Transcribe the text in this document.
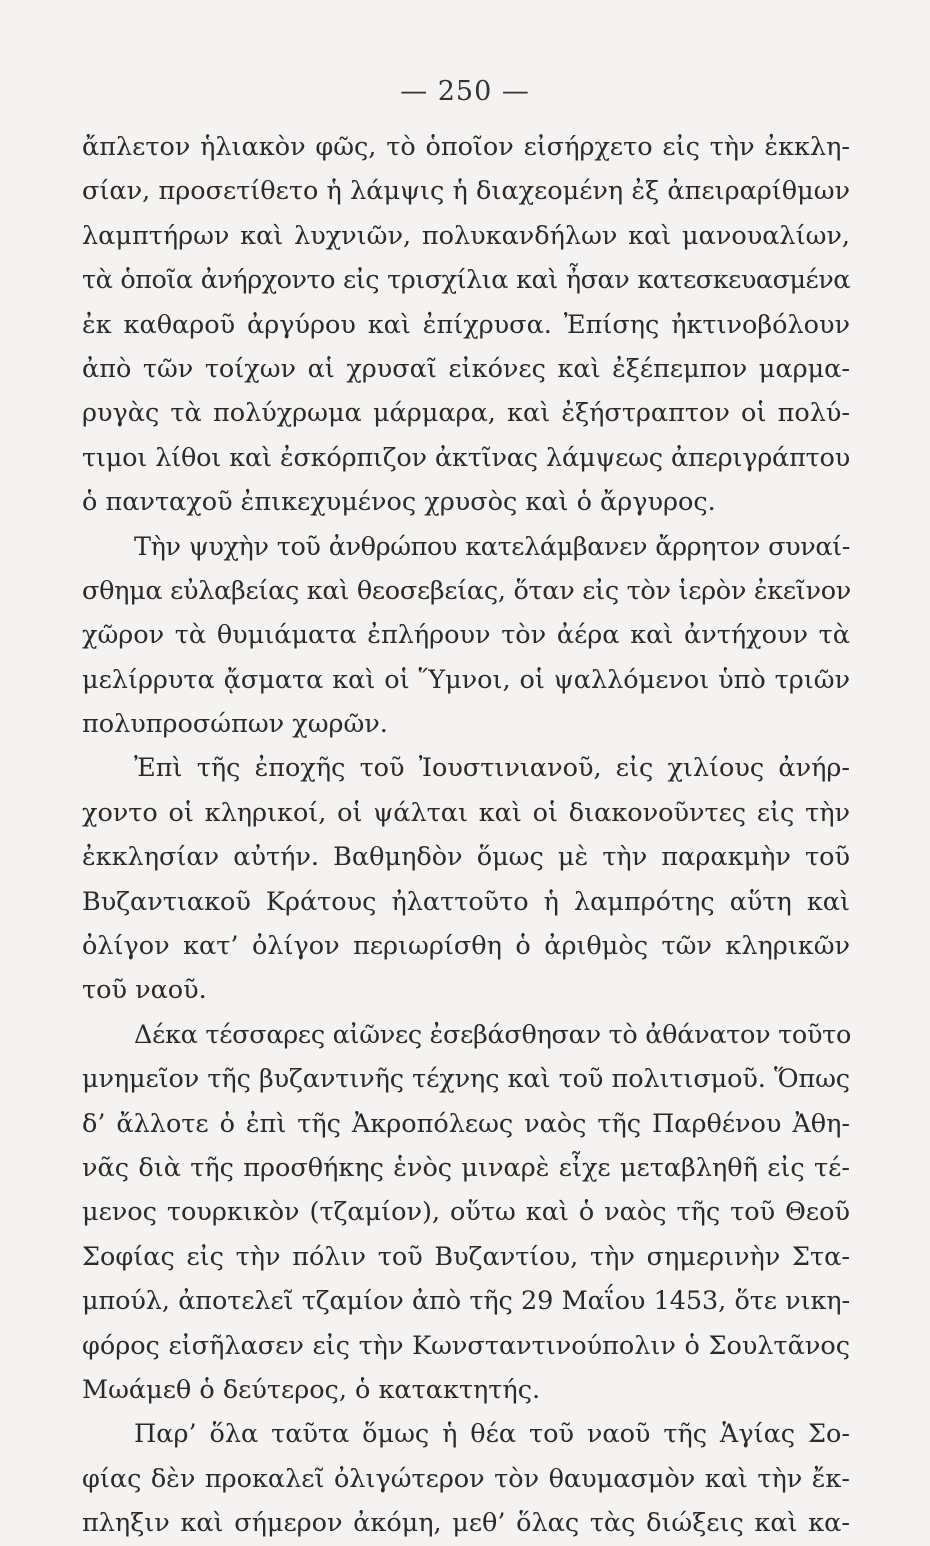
— 250 —
ἄπλετον ἡλιακὸν φῶς, τὸ ὁποῖον εἰσήρχετο εἰς τὴν ἐκκλη-
σίαν, προσετίθετο ἡ λάμψις ἡ διαχεομένη ἐξ ἀπειραρίθμων
λαμπτήρων καὶ λυχνιῶν, πολυκανδήλων καὶ μανουαλίων,
τὰ ὁποῖα ἀνήρχοντο εἰς τρισχίλια καὶ ἦσαν κατεσκευασμένα
ἐκ καθαροῦ ἀργύρου καὶ ἐπίχρυσα. Ἐπίσης ἠκτινοβόλουν
ἀπὸ τῶν τοίχων αἱ χρυσαῖ εἰκόνες καὶ ἐξέπεμπον μαρμα-
ρυγὰς τὰ πολύχρωμα μάρμαρα, καὶ ἐξήστραπτον οἱ πολύ-
τιμοι λίθοι καὶ ἐσκόρπιζον ἀκτῖνας λάμψεως ἀπεριγράπτου
ὁ πανταχοῦ ἐπικεχυμένος χρυσὸς καὶ ὁ ἄργυρος.
Τὴν ψυχὴν τοῦ ἀνθρώπου κατελάμβανεν ἄρρητον συναί-
σθημα εὐλαβείας καὶ θεοσεβείας, ὅταν εἰς τὸν ἱερὸν ἐκεῖνον
χῶρον τὰ θυμιάματα ἐπλήρουν τὸν ἀέρα καὶ ἀντήχουν τὰ
μελίρρυτα ᾄσματα καὶ οἱ Ὕμνοι, οἱ ψαλλόμενοι ὑπὸ τριῶν
πολυπροσώπων χωρῶν.
Ἐπὶ τῆς ἐποχῆς τοῦ Ἰουστινιανοῦ, εἰς χιλίους ἀνήρ-
χοντο οἱ κληρικοί, οἱ ψάλται καὶ οἱ διακονοῦντες εἰς τὴν
ἐκκλησίαν αὐτήν. Βαθμηδὸν ὅμως μὲ τὴν παρακμὴν τοῦ
Βυζαντιακοῦ Κράτους ἠλαττοῦτο ἡ λαμπρότης αὕτη καὶ
ὀλίγον κατ’ ὀλίγον περιωρίσθη ὁ ἀριθμὸς τῶν κληρικῶν
τοῦ ναοῦ.
Δέκα τέσσαρες αἰῶνες ἐσεβάσθησαν τὸ ἀθάνατον τοῦτο
μνημεῖον τῆς βυζαντινῆς τέχνης καὶ τοῦ πολιτισμοῦ. Ὅπως
δ’ ἄλλοτε ὁ ἐπὶ τῆς Ἀκροπόλεως ναὸς τῆς Παρθένου Ἀθη-
νᾶς διὰ τῆς προσθήκης ἑνὸς μιναρὲ εἶχε μεταβληθῆ εἰς τέ-
μενος τουρκικὸν (τζαμίον), οὕτω καὶ ὁ ναὸς τῆς τοῦ Θεοῦ
Σοφίας εἰς τὴν πόλιν τοῦ Βυζαντίου, τὴν σημερινὴν Στα-
μπούλ, ἀποτελεῖ τζαμίον ἀπὸ τῆς 29 Μαΐου 1453, ὅτε νικη-
φόρος εἰσῆλασεν εἰς τὴν Κωνσταντινούπολιν ὁ Σουλτᾶνος
Μωάμεθ ὁ δεύτερος, ὁ κατακτητής.
Παρ’ ὅλα ταῦτα ὅμως ἡ θέα τοῦ ναοῦ τῆς Ἁγίας Σο-
φίας δὲν προκαλεῖ ὀλιγώτερον τὸν θαυμασμὸν καὶ τὴν ἔκ-
πληξιν καὶ σήμερον ἀκόμη, μεθ’ ὅλας τὰς διώξεις καὶ κα-
